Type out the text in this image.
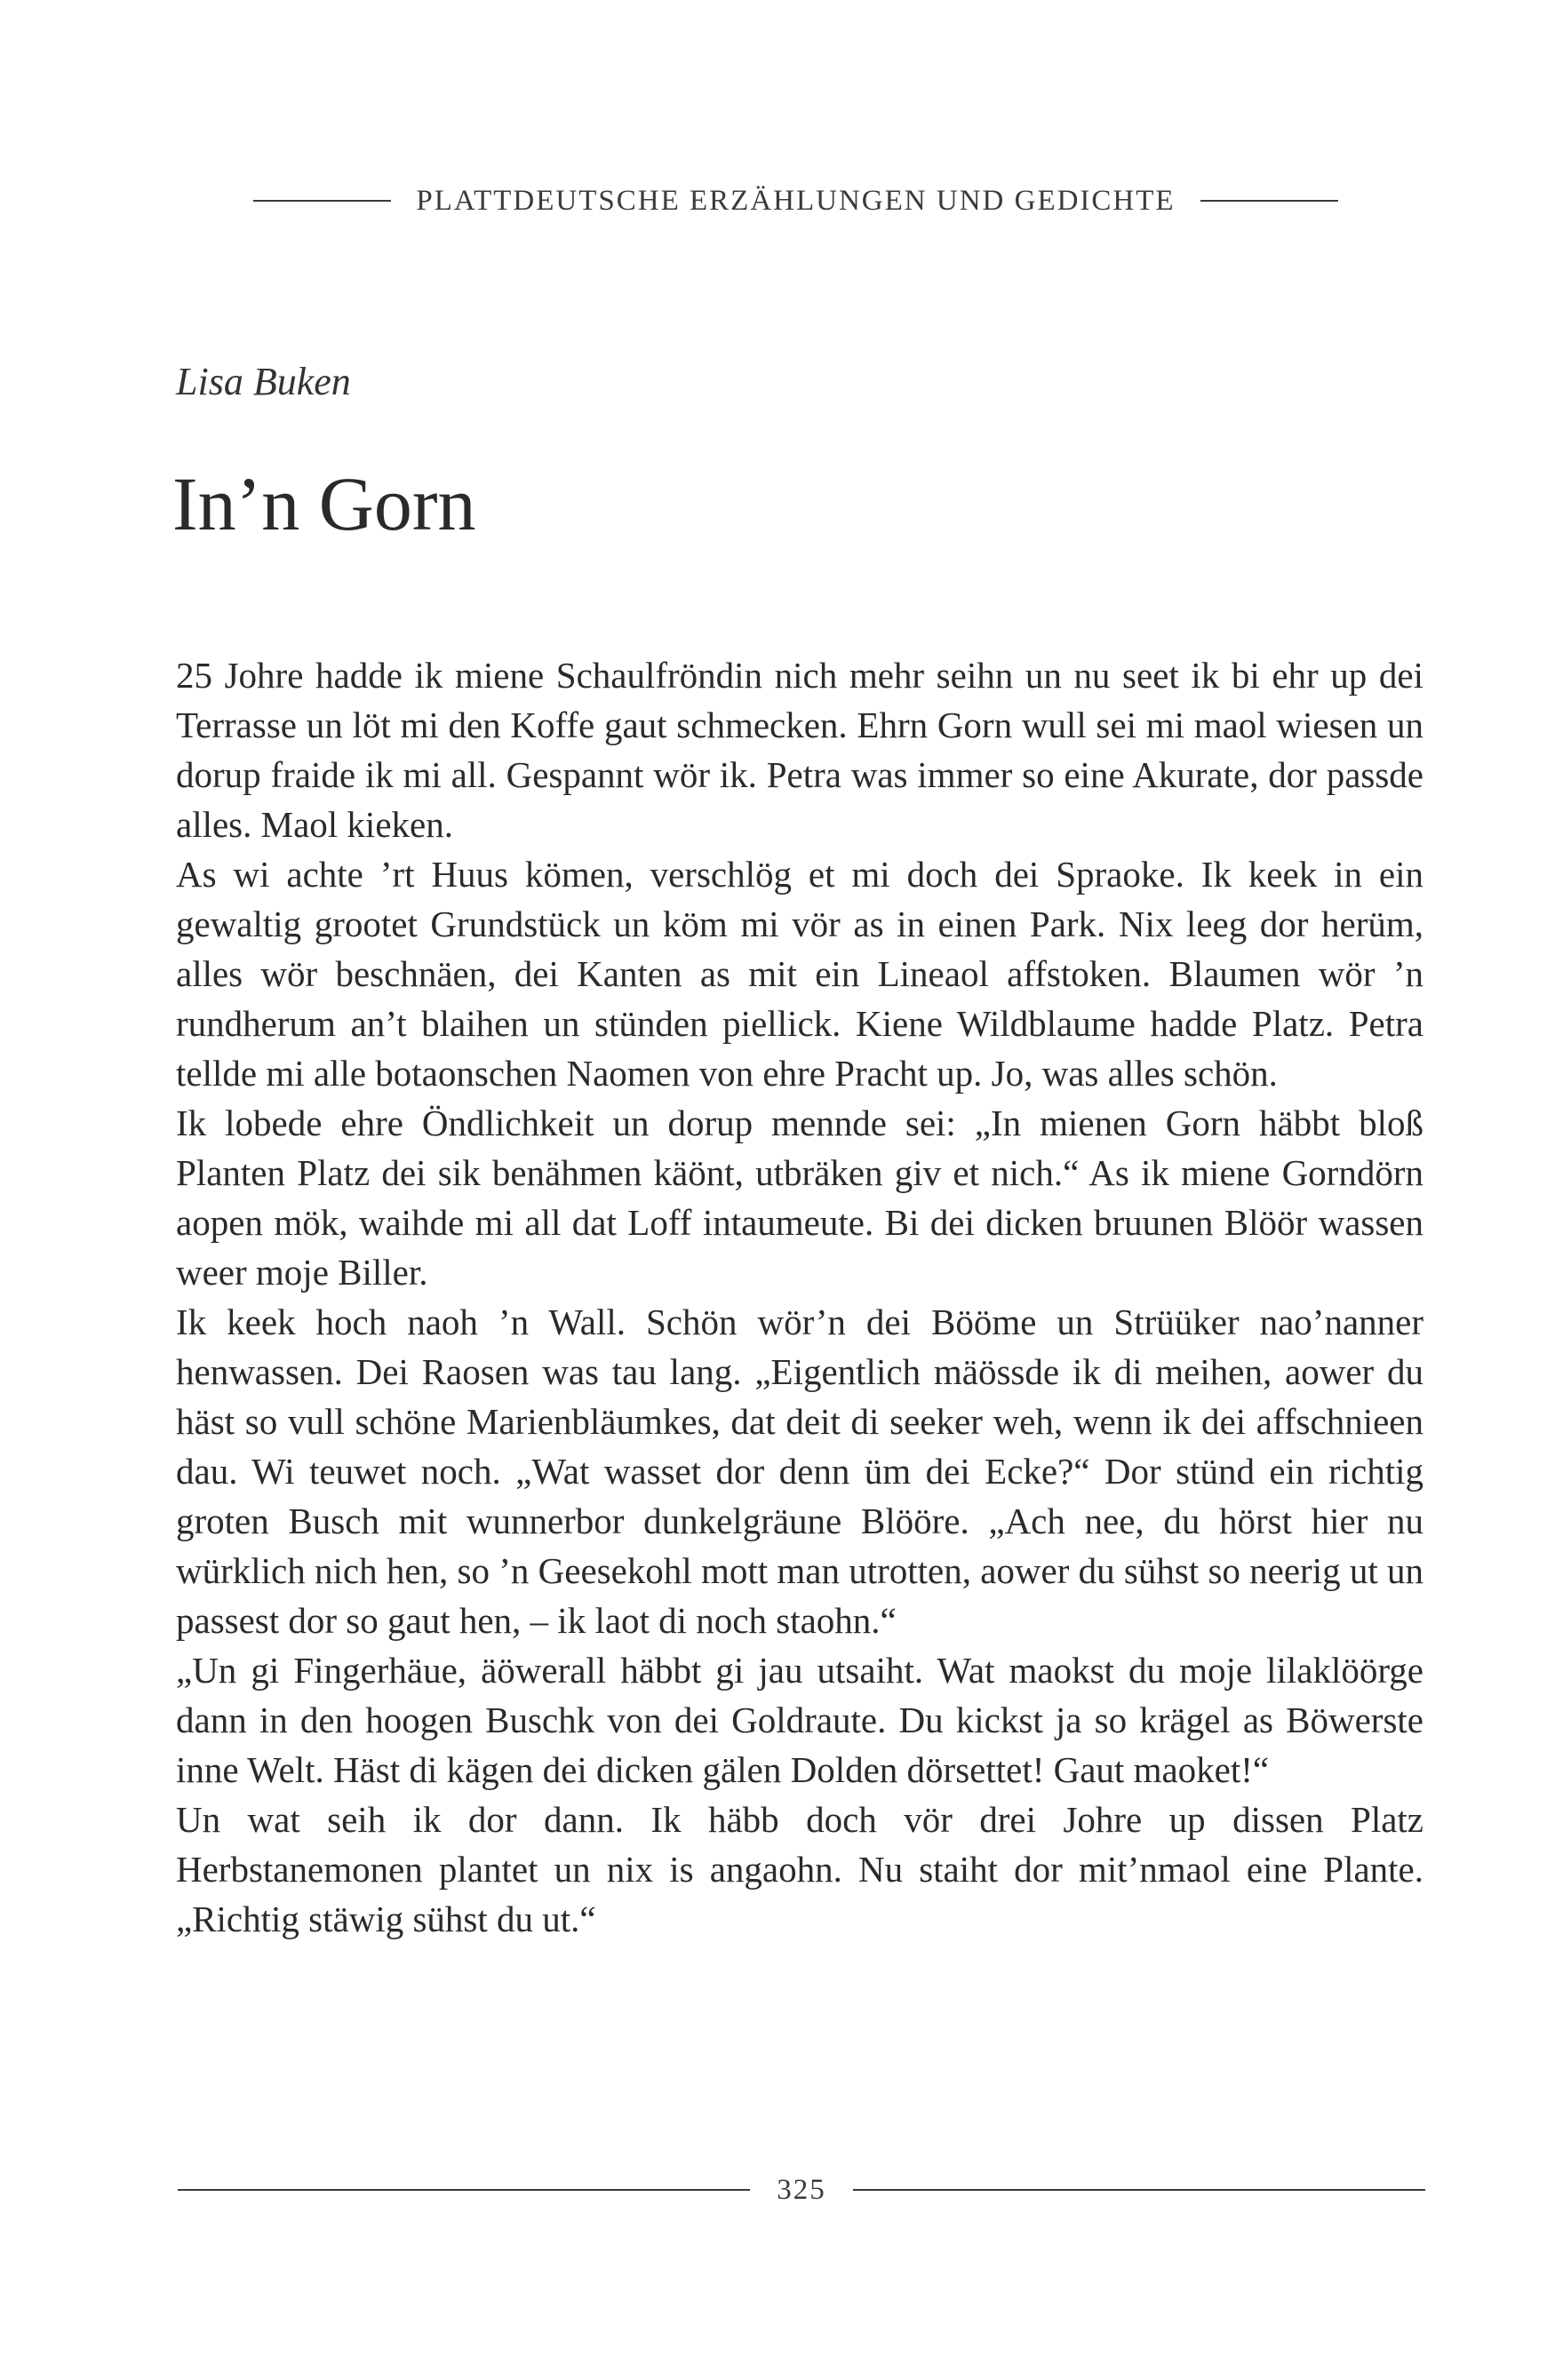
PLATTDEUTSCHE ERZÄHLUNGEN UND GEDICHTE
Lisa Buken
In’n Gorn

25 Johre hadde ik miene Schaulfröndin nich mehr seihn un nu seet ik bi ehr up dei Terrasse un löt mi den Koffe gaut schmecken. Ehrn Gorn wull sei mi maol wiesen un dorup fraide ik mi all. Gespannt wör ik. Petra was immer so eine Akurate, dor passde alles. Maol kieken.

As wi achte ’rt Huus kömen, verschlög et mi doch dei Spraoke. Ik keek in ein gewaltig grootet Grundstück un köm mi vör as in einen Park. Nix leeg dor herüm, alles wör beschnäen, dei Kanten as mit ein Lineaol affstoken. Blaumen wör ’n rundherum an’t blaihen un stünden piellick. Kiene Wildblaume hadde Platz. Petra tellde mi alle botaonschen Naomen von ehre Pracht up. Jo, was alles schön.

Ik lobede ehre Öndlichkeit un dorup mennde sei: „In mienen Gorn häbbt bloß Planten Platz dei sik benähmen käönt, utbräken giv et nich.“ As ik miene Gorndörn aopen mök, waihde mi all dat Loff intaumeute. Bi dei dicken bruunen Blöör wassen weer moje Biller.

Ik keek hoch naoh ’n Wall. Schön wör’n dei Bööme un Strüüker nao’nanner henwassen. Dei Raosen was tau lang. „Eigentlich mäössde ik di meihen, aower du häst so vull schöne Marienbläumkes, dat deit di seeker weh, wenn ik dei affschnieen dau. Wi teuwet noch. „Wat wasset dor denn üm dei Ecke?“ Dor stünd ein richtig groten Busch mit wunnerbor dunkelgräune Blööre. „Ach nee, du hörst hier nu würklich nich hen, so ’n Geesekohl mott man utrotten, aower du sühst so neerig ut un passest dor so gaut hen, – ik laot di noch staohn.“

„Un gi Fingerhäue, äöwerall häbbt gi jau utsaiht. Wat maokst du moje lilaklöörge dann in den hoogen Buschk von dei Goldraute. Du kickst ja so krägel as Böwerste inne Welt. Häst di kägen dei dicken gälen Dolden dörsettet! Gaut maoket!“

Un wat seih ik dor dann. Ik häbb doch vör drei Johre up dissen Platz Herbstanemonen plantet un nix is angaohn. Nu staiht dor mit’nmaol eine Plante. „Richtig stäwig sühst du ut.“

325
